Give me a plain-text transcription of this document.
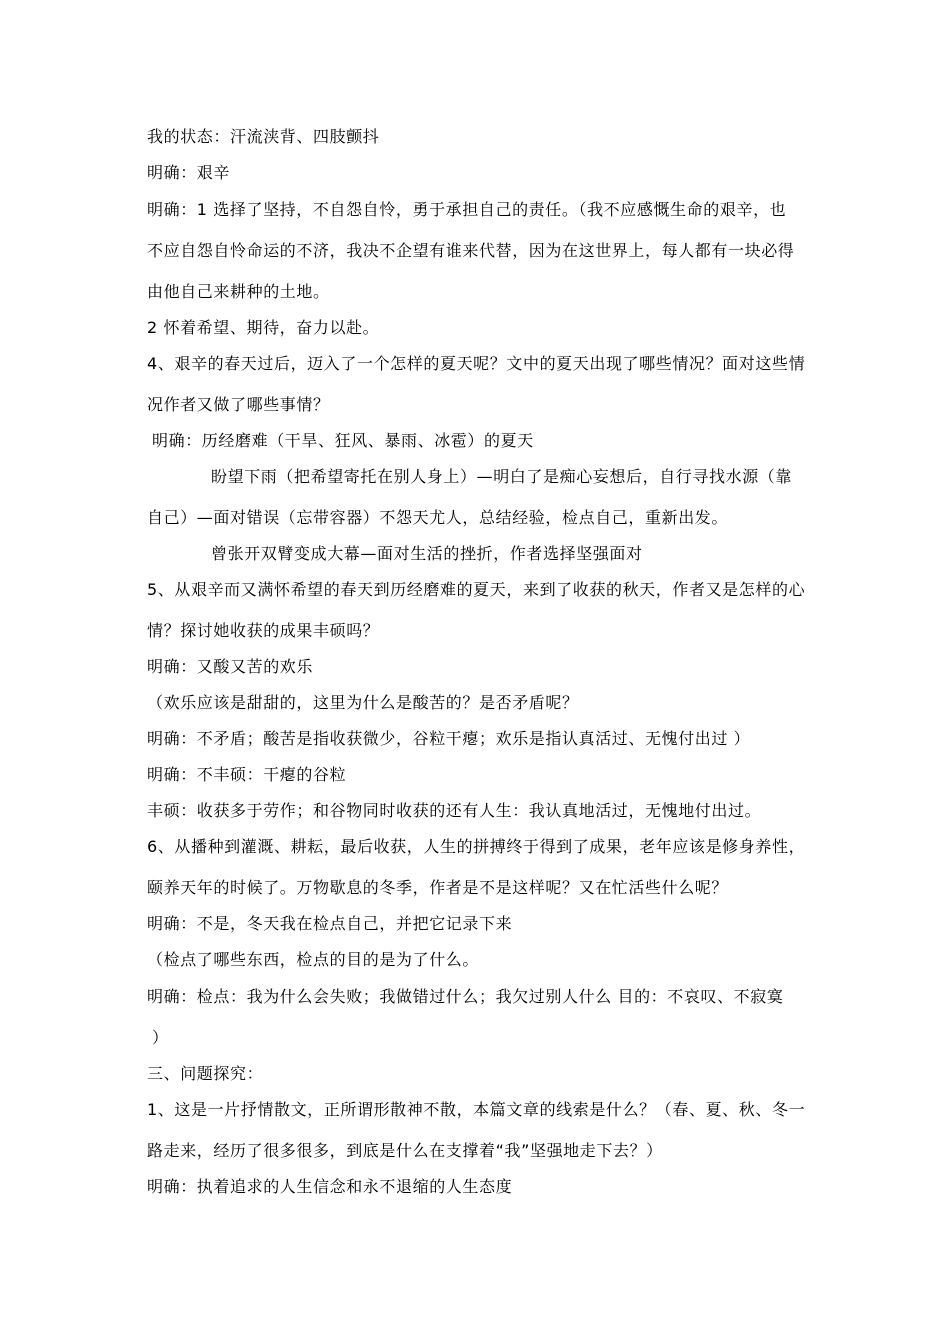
我的状态：汗流浃背、四肢颤抖
明确：艰辛
明确：1 选择了坚持，不自怨自怜，勇于承担自己的责任。（我不应感慨生命的艰辛，也
不应自怨自怜命运的不济，我决不企望有谁来代替，因为在这世界上，每人都有一块必得
由他自己来耕种的土地。
2 怀着希望、期待，奋力以赴。
4、艰辛的春天过后，迈入了一个怎样的夏天呢？文中的夏天出现了哪些情况？面对这些情
况作者又做了哪些事情？
明确：历经磨难（干旱、狂风、暴雨、冰雹）的夏天
盼望下雨（把希望寄托在别人身上）—明白了是痴心妄想后，自行寻找水源（靠
自己）—面对错误（忘带容器）不怨天尤人，总结经验，检点自己，重新出发。
曾张开双臂变成大幕—面对生活的挫折，作者选择坚强面对
5、从艰辛而又满怀希望的春天到历经磨难的夏天，来到了收获的秋天，作者又是怎样的心
情？探讨她收获的成果丰硕吗？
明确：又酸又苦的欢乐
（欢乐应该是甜甜的，这里为什么是酸苦的？是否矛盾呢？
明确：不矛盾；酸苦是指收获微少，谷粒干瘪；欢乐是指认真活过、无愧付出过 ）
明确：不丰硕：干瘪的谷粒
丰硕：收获多于劳作；和谷物同时收获的还有人生：我认真地活过，无愧地付出过。
6、从播种到灌溉、耕耘，最后收获，人生的拼搏终于得到了成果，老年应该是修身养性，
颐养天年的时候了。万物歇息的冬季，作者是不是这样呢？又在忙活些什么呢？
明确：不是，冬天我在检点自己，并把它记录下来
（检点了哪些东西，检点的目的是为了什么。
明确：检点：我为什么会失败；我做错过什么；我欠过别人什么 目的：不哀叹、不寂寞
）
三、问题探究：
1、这是一片抒情散文，正所谓形散神不散，本篇文章的线索是什么？（春、夏、秋、冬一
路走来，经历了很多很多，到底是什么在支撑着“我”坚强地走下去？）
明确：执着追求的人生信念和永不退缩的人生态度
